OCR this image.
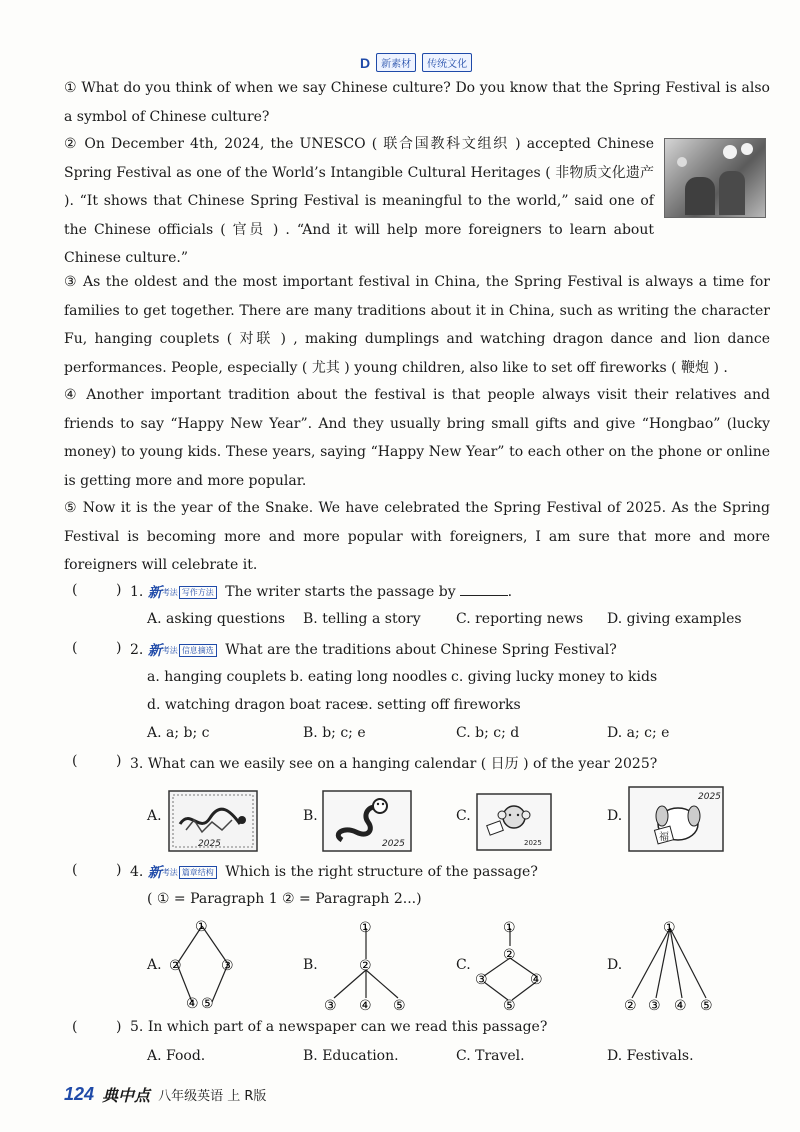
D	新素材	传统文化
① What do you think of when we say Chinese culture? Do you know that the Spring Festival is also a symbol of Chinese culture?
② On December 4th, 2024, the UNESCO ( 联合国教科文组织 ) accepted Chinese Spring Festival as one of the World’s Intangible Cultural Heritages ( 非物质文化遗产 ). “It shows that Chinese Spring Festival is meaningful to the world,” said one of the Chinese officials ( 官员 ) . “And it will help more foreigners to learn about Chinese culture.”
③ As the oldest and the most important festival in China, the Spring Festival is always a time for families to get together. There are many traditions about it in China, such as writing the character Fu, hanging couplets ( 对联 ) , making dumplings and watching dragon dance and lion dance performances. People, especially ( 尤其 ) young children, also like to set off fireworks ( 鞭炮 ) .
④ Another important tradition about the festival is that people always visit their relatives and friends to say “Happy New Year”. And they usually bring small gifts and give “Hongbao” (lucky money) to young kids. These years, saying “Happy New Year” to each other on the phone or online is getting more and more popular.
⑤ Now it is the year of the Snake. We have celebrated the Spring Festival of 2025. As the Spring Festival is becoming more and more popular with foreigners, I am sure that more and more foreigners will celebrate it.
(	) 1. 新 考法 写作方法 The writer starts the passage by	.
A. asking questions B. telling a story	C. reporting news D. giving examples
(	) 2. 新 考法 信息摘选 What are the traditions about Chinese Spring Festival?
a. hanging couplets b. eating long noodles c. giving lucky money to kids
d. watching dragon boat races
e. setting off fireworks
A. a; b; c	B. b; c; e	C. b; c; d	D. a; c; e
(	) 3. What can we easily see on a hanging calendar ( 日历 ) of the year 2025?
A.
2025
B.
2025
C.
2025
D.
2025
福
(	) 4. 新 考法 篇章结构 Which is the right structure of the passage?
( ① = Paragraph 1 ② = Paragraph 2...)
A.
①
②	③
④ ⑤
B.
①
②
③ ④ ⑤
C.
①
②
③	④
⑤
D.
①
② ③ ④ ⑤
(	) 5. In which part of a newspaper can we read this passage?
A. Food.	B. Education.	C. Travel.	D. Festivals.
124 典中点 八年级英语 上 R版
